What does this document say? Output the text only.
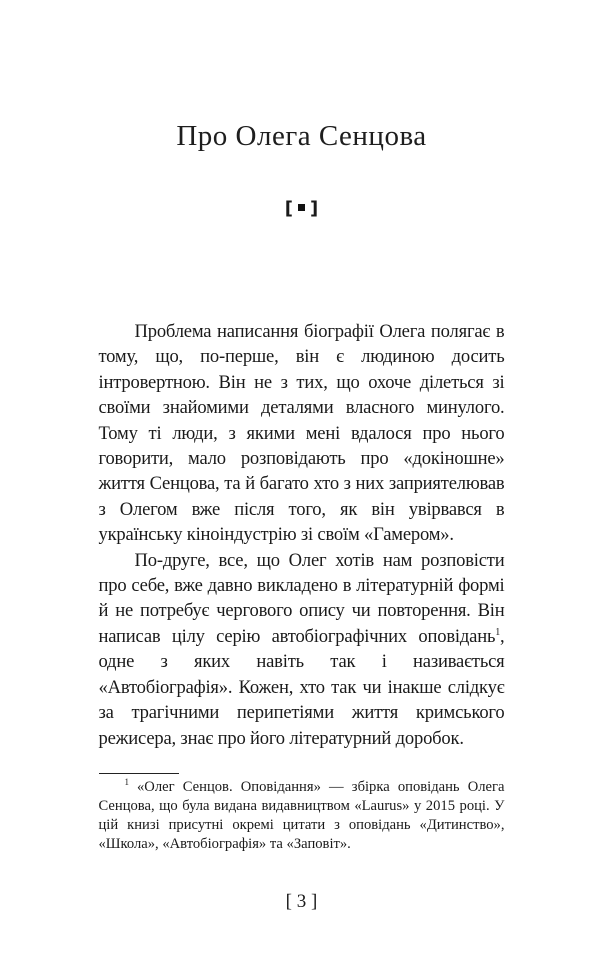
Про Олега Сенцова
[ ]

Проблема написання біографії Олега полягає в тому, що, по-перше, він є людиною досить інтровертною. Він не з тих, що охоче ділеться зі своїми знайомими деталями власного минулого. Тому ті люди, з якими мені вдалося про нього говорити, мало розповідають про «докіношне» життя Сенцова, та й багато хто з них заприятелював з Олегом вже після того, як він увірвався в українську кіноіндустрію зі своїм «Гамером».

По-друге, все, що Олег хотів нам розповісти про себе, вже давно викладено в літературній формі й не потребує чергового опису чи повторення. Він написав цілу серію автобіографічних оповідань$^1$, одне з яких навіть так і називається «Автобіографія». Кожен, хто так чи інакше слідкує за трагічними перипетіями життя кримського режисера, знає про його літературний доробок.

$^1$ «Олег Сенцов. Оповідання» — збірка оповідань Олега Сенцова, що була видана видавництвом «Laurus» у 2015 році. У цій книзі присутні окремі цитати з оповідань «Дитинство», «Школа», «Автобіографія» та «Заповіт».

[ 3 ]
